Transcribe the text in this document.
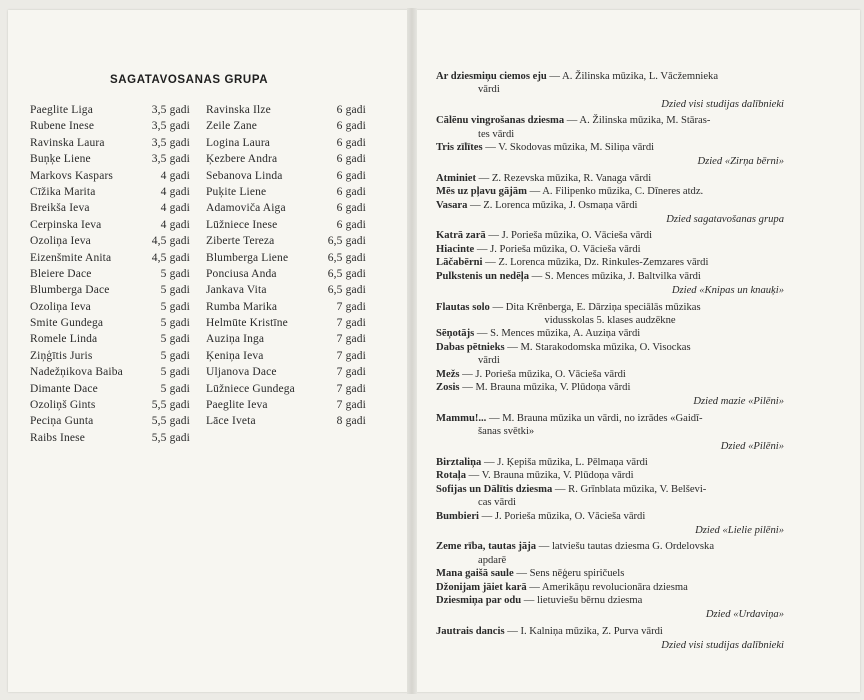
SAGATAVOSANAS GRUPA
Paeglite Liga	3,5 gadi
Rubene Inese	3,5 gadi
Ravinska Laura	3,5 gadi
Buņķe Liene	3,5 gadi
Markovs Kaspars	4 gadi
Cīžika Marita	4 gadi
Breikša Ieva	4 gadi
Cerpinska Ieva	4 gadi
Ozoliņa Ieva	4,5 gadi
Eizenšmite Anita	4,5 gadi
Bleiere Dace	5 gadi
Blumberga Dace	5 gadi
Ozoliņa Ieva	5 gadi
Smite Gundega	5 gadi
Romele Linda	5 gadi
Ziņģītis Juris	5 gadi
Nadežņikova Baiba	5 gadi
Dimante Dace	5 gadi
Ozoliņš Gints	5,5 gadi
Peciņa Gunta	5,5 gadi
Raibs Inese	5,5 gadi
Ravinska Ilze	6 gadi
Zeile Zane	6 gadi
Logina Laura	6 gadi
Ķezbere Andra	6 gadi
Sebanova Linda	6 gadi
Puķite Liene	6 gadi
Adamoviča Aiga	6 gadi
Lūžniece Inese	6 gadi
Ziberte Tereza	6,5 gadi
Blumberga Liene	6,5 gadi
Ponciusa Anda	6,5 gadi
Jankava Vita	6,5 gadi
Rumba Marika	7 gadi
Helmūte Kristīne	7 gadi
Auziņa Inga	7 gadi
Ķeniņa Ieva	7 gadi
Uljanova Dace	7 gadi
Lūžniece Gundega	7 gadi
Paeglite Ieva	7 gadi
Lāce Iveta	8 gadi
Ar dziesmiņu ciemos eju — A. Žilinska mūzika, L. Vācžemnieka
vārdi
Dzied visi studijas dalībnieki
Cālēnu vingrošanas dziesma — A. Žilinska mūzika, M. Stāras-
tes vārdi
Tris zīlītes — V. Skodovas mūzika, M. Siliņa vārdi
Dzied «Zirņa bērni»
Atminiet — Z. Rezevska mūzika, R. Vanaga vārdi
Mēs uz pļavu gājām — A. Filipenko mūzika, C. Dīneres atdz.
Vasara — Z. Lorenca mūzika, J. Osmaņa vārdi
Dzied sagatavošanas grupa
Katrā zarā — J. Porieša mūzika, O. Vācieša vārdi
Hiacinte — J. Porieša mūzika, O. Vācieša vārdi
Lāčabērni — Z. Lorenca mūzika, Dz. Rinkules-Zemzares vārdi
Pulkstenis un nedēļa — S. Mences mūzika, J. Baltvilka vārdi
Dzied «Knipas un knauķi»
Flautas solo — Dita Krēnberga, E. Dārziņa speciālās mūzikas
vidusskolas 5. klases audzēkne
Sēņotājs — S. Mences mūzika, A. Auziņa vārdi
Dabas pētnieks — M. Starakodomska mūzika, O. Visockas
vārdi
Mežs — J. Porieša mūzika, O. Vācieša vārdi
Zosis — M. Brauna mūzika, V. Plūdoņa vārdi
Dzied mazie «Pilēni»
Mammu!... — M. Brauna mūzika un vārdi, no izrādes «Gaidī-
šanas svētki»
Dzied «Pilēni»
Birztaliņa — J. Ķepiša mūzika, L. Pēlmaņa vārdi
Rotaļa — V. Brauna mūzika, V. Plūdoņa vārdi
Sofijas un Dālītis dziesma — R. Grīnblata mūzika, V. Belševi-
cas vārdi
Bumbieri — J. Porieša mūzika, O. Vācieša vārdi
Dzied «Lielie pilēni»
Zeme rība, tautas jāja — latviešu tautas dziesma G. Ordelovska
apdarē
Mana gaišā saule — Sens nēģeru spiričuels
Džonijam jāiet karā — Amerikāņu revolucionāra dziesma
Dziesmiņa par odu — lietuviešu bērnu dziesma
Dzied «Urdaviņa»
Jautrais dancis — I. Kalniņa mūzika, Z. Purva vārdi
Dzied visi studijas dalībnieki
